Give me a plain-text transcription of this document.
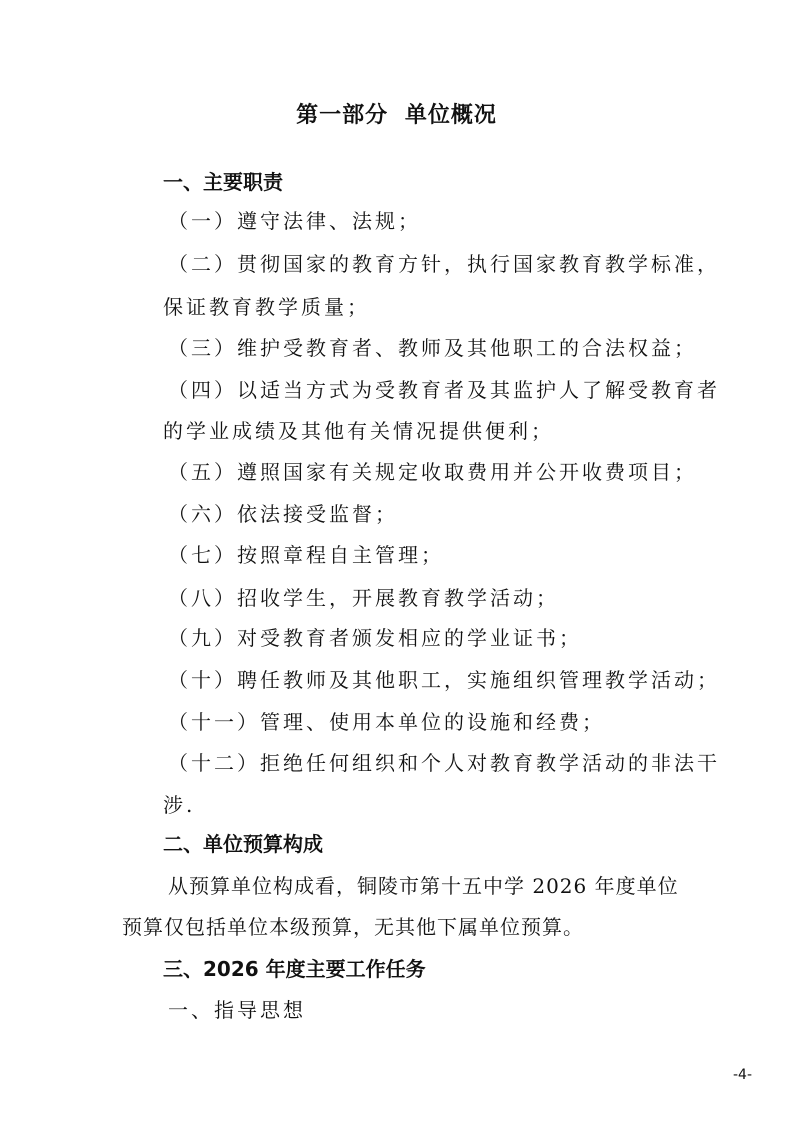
第一部分 单位概况
一、主要职责
（一）遵守法律、法规；
（二）贯彻国家的教育方针，执行国家教育教学标准，
保证教育教学质量；
（三）维护受教育者、教师及其他职工的合法权益；
（四）以适当方式为受教育者及其监护人了解受教育者
的学业成绩及其他有关情况提供便利；
（五）遵照国家有关规定收取费用并公开收费项目；
（六）依法接受监督；
（七）按照章程自主管理；
（八）招收学生，开展教育教学活动；
（九）对受教育者颁发相应的学业证书；
（十）聘任教师及其他职工，实施组织管理教学活动；
（十一）管理、使用本单位的设施和经费；
（十二）拒绝任何组织和个人对教育教学活动的非法干
涉.
二、单位预算构成
从预算单位构成看，铜陵市第十五中学 2026 年度单位
预算仅包括单位本级预算，无其他下属单位预算。
三、2026 年度主要工作任务
一、指导思想
-4-
